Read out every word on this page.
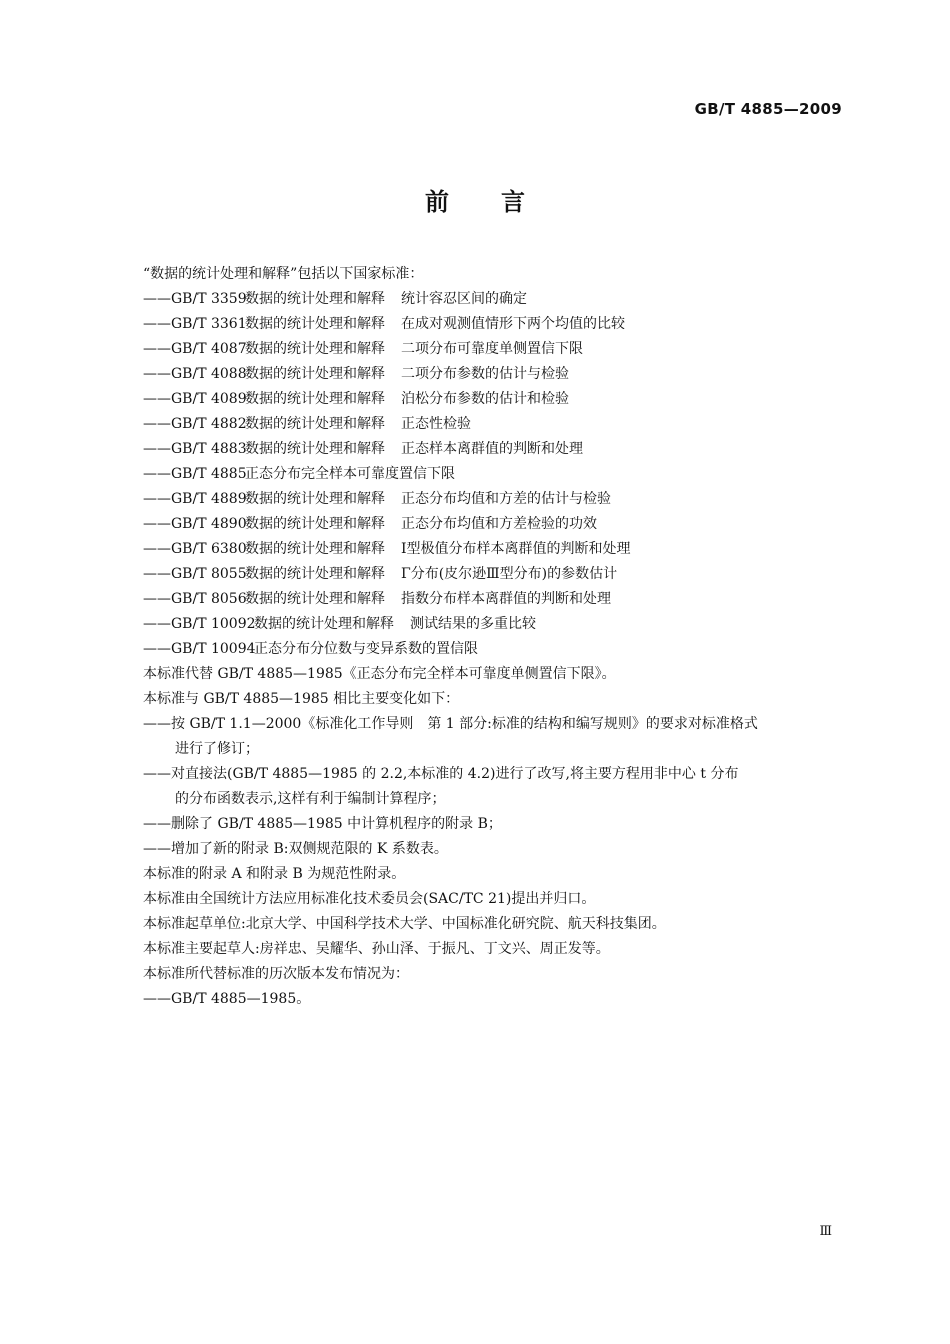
GB/T 4885—2009
前言
“数据的统计处理和解释”包括以下国家标准：
——GB/T 3359数据的统计处理和解释 统计容忍区间的确定
——GB/T 3361数据的统计处理和解释 在成对观测值情形下两个均值的比较
——GB/T 4087数据的统计处理和解释 二项分布可靠度单侧置信下限
——GB/T 4088数据的统计处理和解释 二项分布参数的估计与检验
——GB/T 4089数据的统计处理和解释 泊松分布参数的估计和检验
——GB/T 4882数据的统计处理和解释 正态性检验
——GB/T 4883数据的统计处理和解释 正态样本离群值的判断和处理
——GB/T 4885正态分布完全样本可靠度置信下限
——GB/T 4889数据的统计处理和解释 正态分布均值和方差的估计与检验
——GB/T 4890数据的统计处理和解释 正态分布均值和方差检验的功效
——GB/T 6380数据的统计处理和解释 Ⅰ型极值分布样本离群值的判断和处理
——GB/T 8055数据的统计处理和解释 Γ分布(皮尔逊Ⅲ型分布)的参数估计
——GB/T 8056数据的统计处理和解释 指数分布样本离群值的判断和处理
——GB/T 10092数据的统计处理和解释 测试结果的多重比较
——GB/T 10094正态分布分位数与变异系数的置信限
本标准代替 GB/T 4885—1985《正态分布完全样本可靠度单侧置信下限》。
本标准与 GB/T 4885—1985 相比主要变化如下：
——按 GB/T 1.1—2000《标准化工作导则　第 1 部分:标准的结构和编写规则》的要求对标准格式
进行了修订；
——对直接法(GB/T 4885—1985 的 2.2,本标准的 4.2)进行了改写,将主要方程用非中心 t 分布
的分布函数表示,这样有利于编制计算程序；
——删除了 GB/T 4885—1985 中计算机程序的附录 B；
——增加了新的附录 B:双侧规范限的 K 系数表。
本标准的附录 A 和附录 B 为规范性附录。
本标准由全国统计方法应用标准化技术委员会(SAC/TC 21)提出并归口。
本标准起草单位:北京大学、中国科学技术大学、中国标准化研究院、航天科技集团。
本标准主要起草人:房祥忠、吴耀华、孙山泽、于振凡、丁文兴、周正发等。
本标准所代替标准的历次版本发布情况为：
——GB/T 4885—1985。
Ⅲ
